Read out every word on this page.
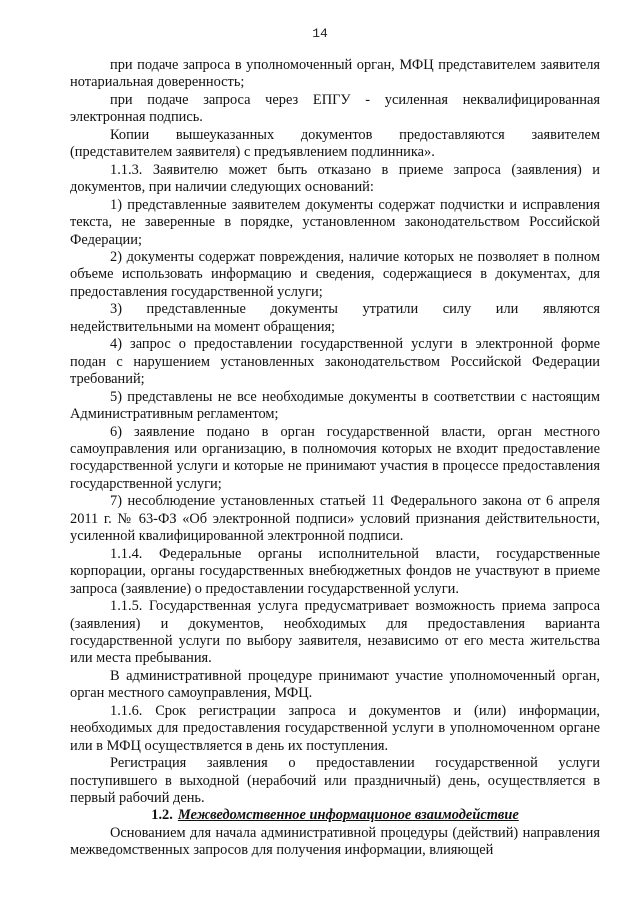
14

при подаче запроса в уполномоченный орган, МФЦ представителем заявителя нотариальная доверенность;

при подаче запроса через ЕПГУ - усиленная неквалифицированная электронная подпись.

Копии вышеуказанных документов предоставляются заявителем (представителем заявителя) с предъявлением подлинника».

1.1.3. Заявителю может быть отказано в приеме запроса (заявления) и документов, при наличии следующих оснований:

1) представленные заявителем документы содержат подчистки и исправления текста, не заверенные в порядке, установленном законодательством Российской Федерации;

2) документы содержат повреждения, наличие которых не позволяет в полном объеме использовать информацию и сведения, содержащиеся в документах, для предоставления государственной услуги;

3) представленные документы утратили силу или являются недействительными на момент обращения;

4) запрос о предоставлении государственной услуги в электронной форме подан с нарушением установленных законодательством Российской Федерации требований;

5) представлены не все необходимые документы в соответствии с настоящим Административным регламентом;

6) заявление подано в орган государственной власти, орган местного самоуправления или организацию, в полномочия которых не входит предоставление государственной услуги и которые не принимают участия в процессе предоставления государственной услуги;

7) несоблюдение установленных статьей 11 Федерального закона от 6 апреля 2011 г. № 63-ФЗ «Об электронной подписи» условий признания действительности, усиленной квалифицированной электронной подписи.

1.1.4. Федеральные органы исполнительной власти, государственные корпорации, органы государственных внебюджетных фондов не участвуют в приеме запроса (заявление) о предоставлении государственной услуги.

1.1.5. Государственная услуга предусматривает возможность приема запроса (заявления) и документов, необходимых для предоставления варианта государственной услуги по выбору заявителя, независимо от его места жительства или места пребывания.

В административной процедуре принимают участие уполномоченный орган, орган местного самоуправления, МФЦ.

1.1.6. Срок регистрации запроса и документов и (или) информации, необходимых для предоставления государственной услуги в уполномоченном органе или в МФЦ осуществляется в день их поступления.

Регистрация заявления о предоставлении государственной услуги поступившего в выходной (нерабочий или праздничный) день, осуществляется в первый рабочий день.

1.2. Межведомственное информационое взаимодействие

Основанием для начала административной процедуры (действий) направления межведомственных запросов для получения информации, влияющей
